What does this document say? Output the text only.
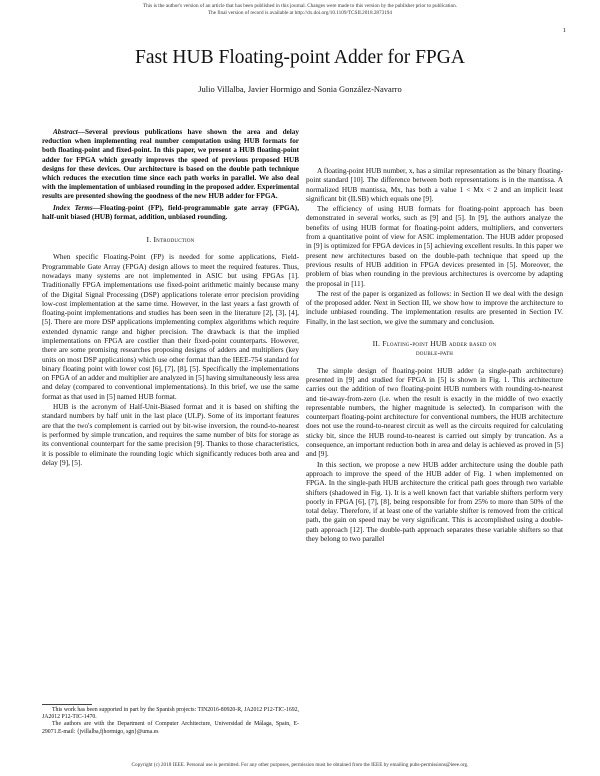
This is the author's version of an article that has been published in this journal. Changes were made to this version by the publisher prior to publication.
The final version of record is available at http://dx.doi.org/10.1109/TCSII.2018.2873194
1
Fast HUB Floating-point Adder for FPGA
Julio Villalba, Javier Hormigo and Sonia González-Navarro

Abstract—Several previous publications have shown the area and delay reduction when implementing real number computation using HUB formats for both floating-point and fixed-point. In this paper, we present a HUB floating-point adder for FPGA which greatly improves the speed of previous proposed HUB designs for these devices. Our architecture is based on the double path technique which reduces the execution time since each path works in parallel. We also deal with the implementation of unbiased rounding in the proposed adder. Experimental results are presented showing the goodness of the new HUB adder for FPGA.

Index Terms—Floating-point (FP), field-programmable gate array (FPGA), half-unit biased (HUB) format, addition, unbiased rounding.

I. Introduction

When specific Floating-Point (FP) is needed for some applications, Field-Programmable Gate Array (FPGA) design allows to meet the required features. Thus, nowadays many systems are not implemented in ASIC but using FPGAs [1]. Traditionally FPGA implementations use fixed-point arithmetic mainly because many of the Digital Signal Processing (DSP) applications tolerate error precision providing low-cost implementation at the same time. However, in the last years a fast growth of floating-point implementations and studies has been seen in the literature [2], [3], [4], [5]. There are more DSP applications implementing complex algorithms which require extended dynamic range and higher precision. The drawback is that the implied implementations on FPGA are costlier than their fixed-point counterparts. However, there are some promising researches proposing designs of adders and multipliers (key units on most DSP applications) which use other format than the IEEE-754 standard for binary floating point with lower cost [6], [7], [8], [5]. Specifically the implementations on FPGA of an adder and multiplier are analyzed in [5] having simultaneously less area and delay (compared to conventional implementations). In this brief, we use the same format as that used in [5] named HUB format.

HUB is the acronym of Half-Unit-Biased format and it is based on shifting the standard numbers by half unit in the last place (ULP). Some of its important features are that the two's complement is carried out by bit-wise inversion, the round-to-nearest is performed by simple truncation, and requires the same number of bits for storage as its conventional counterpart for the same precision [9]. Thanks to those characteristics, it is possible to eliminate the rounding logic which significantly reduces both area and delay [9], [5].

This work has been supported in part by the Spanish projects: TIN2016-80920-R, JA2012 P12-TIC-1692, JA2012 P12-TIC-1470.

The authors are with the Department of Computer Architecture, Universidad de Málaga, Spain, E-29071.E-mail: {jvillalba,fjhormigo, sgn}@uma.es

A floating-point HUB number, x, has a similar representation as the binary floating-point standard [10]. The difference between both representations is in the mantissa. A normalized HUB mantissa, Mx, has both a value 1 < Mx < 2 and an implicit least significant bit (ILSB) which equals one [9].

The efficiency of using HUB formats for floating-point approach has been demonstrated in several works, such as [9] and [5]. In [9], the authors analyze the benefits of using HUB format for floating-point adders, multipliers, and converters from a quantitative point of view for ASIC implementation. The HUB adder proposed in [9] is optimized for FPGA devices in [5] achieving excellent results. In this paper we present new architectures based on the double-path technique that speed up the previous results of HUB addition in FPGA devices presented in [5]. Moreover, the problem of bias when rounding in the previous architectures is overcome by adapting the proposal in [11].

The rest of the paper is organized as follows: in Section II we deal with the design of the proposed adder. Next in Section III, we show how to improve the architecture to include unbiased rounding. The implementation results are presented in Section IV. Finally, in the last section, we give the summary and conclusion.

II. Floating-point HUB adder based on
double-path

The simple design of floating-point HUB adder (a single-path architecture) presented in [9] and studied for FPGA in [5] is shown in Fig. 1. This architecture carries out the addition of two floating-point HUB numbers with rounding-to-nearest and tie-away-from-zero (i.e. when the result is exactly in the middle of two exactly representable numbers, the higher magnitude is selected). In comparison with the counterpart floating-point architecture for conventional numbers, the HUB architecture does not use the round-to-nearest circuit as well as the circuits required for calculating sticky bit, since the HUB round-to-nearest is carried out simply by truncation. As a consequence, an important reduction both in area and delay is achieved as proved in [5] and [9].

In this section, we propose a new HUB adder architecture using the double path approach to improve the speed of the HUB adder of Fig. 1 when implemented on FPGA. In the single-path HUB architecture the critical path goes through two variable shifters (shadowed in Fig. 1). It is a well known fact that variable shifters perform very poorly in FPGA [6], [7], [8], being responsible for from 25% to more than 50% of the total delay. Therefore, if at least one of the variable shifter is removed from the critical path, the gain on speed may be very significant. This is accomplished using a double-path approach [12]. The double-path approach separates these variable shifters so that they belong to two parallel

Copyright (c) 2018 IEEE. Personal use is permitted. For any other purposes, permission must be obtained from the IEEE by emailing pubs-permissions@ieee.org.
